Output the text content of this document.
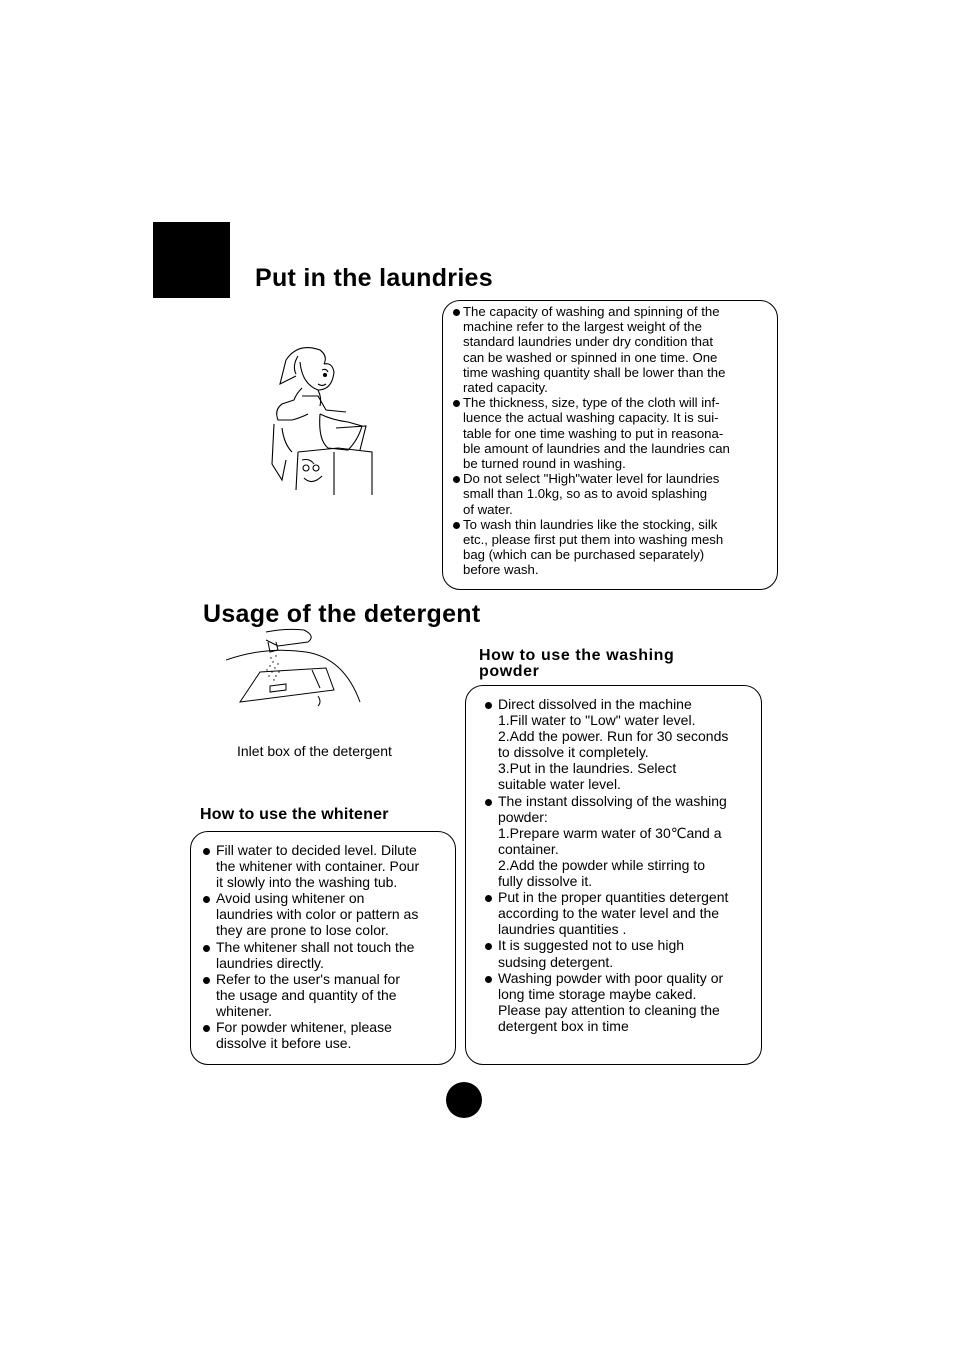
Put in the laundries
The capacity of washing and spinning of the
machine refer to the largest weight of the
standard laundries under dry condition that
can be washed or spinned in one time. One
time washing quantity shall be lower than the
rated capacity.
The thickness, size, type of the cloth will inf-
luence the actual washing capacity. It is sui-
table for one time washing to put in reasona-
ble amount of laundries and the laundries can
be turned round in washing.
Do not select "High"water level for laundries
small than 1.0kg, so as to avoid splashing
of water.
To wash thin laundries like the stocking, silk
etc., please first put them into washing mesh
bag (which can be purchased separately)
before wash.
Usage of the detergent
Inlet box of the detergent
How to use the whitener
Fill water to decided level. Dilute
the whitener with container. Pour
it slowly into the washing tub.
Avoid using whitener on
laundries with color or pattern as
they are prone to lose color.
The whitener shall not touch the
laundries directly.
Refer to the user's manual for
the usage and quantity of the
whitener.
For powder whitener, please
dissolve it before use.
How to use the washing
powder
Direct dissolved in the machine
1.Fill water to "Low" water level.
2.Add the power. Run for 30 seconds
to dissolve it completely.
3.Put in the laundries. Select
suitable water level.
The instant dissolving of the washing
powder:
1.Prepare warm water of 30℃and a
container.
2.Add the powder while stirring to
fully dissolve it.
Put in the proper quantities detergent
according to the water level and the
laundries quantities .
It is suggested not to use high
sudsing detergent.
Washing powder with poor quality or
long time storage maybe caked.
Please pay attention to cleaning the
detergent box in time
